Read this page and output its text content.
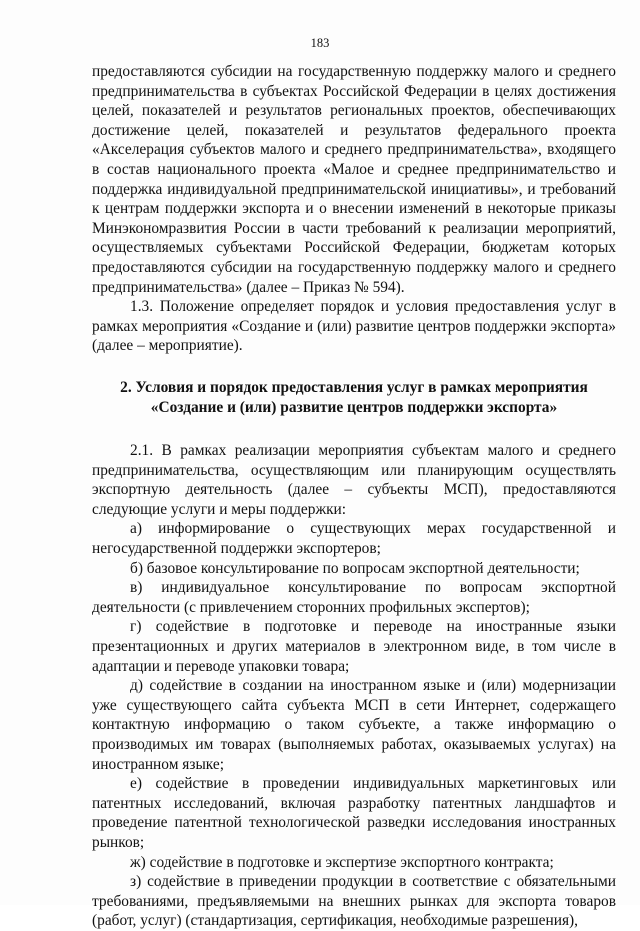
183

предоставляются субсидии на государственную поддержку малого и среднего предпринимательства в субъектах Российской Федерации в целях достижения целей, показателей и результатов региональных проектов, обеспечивающих достижение целей, показателей и результатов федерального проекта «Акселерация субъектов малого и среднего предпринимательства», входящего в состав национального проекта «Малое и среднее предпринимательство и поддержка индивидуальной предпринимательской инициативы», и требований к центрам поддержки экспорта и о внесении изменений в некоторые приказы Минэкономразвития России в части требований к реализации мероприятий, осуществляемых субъектами Российской Федерации, бюджетам которых предоставляются субсидии на государственную поддержку малого и среднего предпринимательства» (далее – Приказ № 594).

1.3. Положение определяет порядок и условия предоставления услуг в рамках мероприятия «Создание и (или) развитие центров поддержки экспорта» (далее – мероприятие).

2. Условия и порядок предоставления услуг в рамках мероприятия
«Создание и (или) развитие центров поддержки экспорта»

2.1. В рамках реализации мероприятия субъектам малого и среднего предпринимательства, осуществляющим или планирующим осуществлять экспортную деятельность (далее – субъекты МСП), предоставляются следующие услуги и меры поддержки:

а) информирование о существующих мерах государственной и негосударственной поддержки экспортеров;

б) базовое консультирование по вопросам экспортной деятельности;

в) индивидуальное консультирование по вопросам экспортной деятельности (с привлечением сторонних профильных экспертов);

г) содействие в подготовке и переводе на иностранные языки презентационных и других материалов в электронном виде, в том числе в адаптации и переводе упаковки товара;

д) содействие в создании на иностранном языке и (или) модернизации уже существующего сайта субъекта МСП в сети Интернет, содержащего контактную информацию о таком субъекте, а также информацию о производимых им товарах (выполняемых работах, оказываемых услугах) на иностранном языке;

е) содействие в проведении индивидуальных маркетинговых или патентных исследований, включая разработку патентных ландшафтов и проведение патентной технологической разведки исследования иностранных рынков;

ж) содействие в подготовке и экспертизе экспортного контракта;

з) содействие в приведении продукции в соответствие с обязательными требованиями, предъявляемыми на внешних рынках для экспорта товаров (работ, услуг) (стандартизация, сертификация, необходимые разрешения),
